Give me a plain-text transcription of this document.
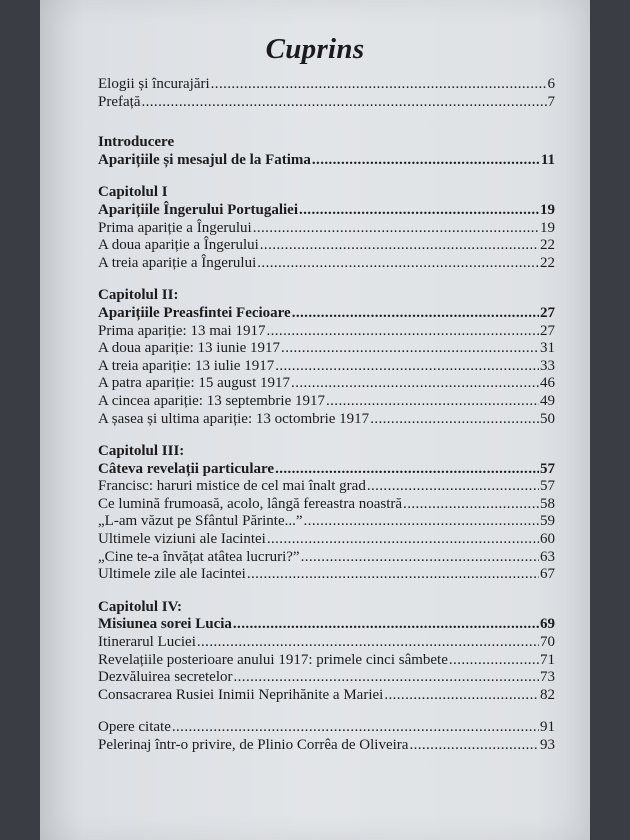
Cuprins
Elogii și încurajări .....	6
Prefață .....	7
Introducere
Aparițiile și mesajul de la Fatima .....	11
Capitolul I
Aparițiile Îngerului Portugaliei .....	19
Prima apariție a Îngerului .....	19
A doua apariție a Îngerului .....	22
A treia apariție a Îngerului .....	22
Capitolul II:
Aparițiile Preasfintei Fecioare .....	27
Prima apariție: 13 mai 1917 .....	27
A doua apariție: 13 iunie 1917 .....	31
A treia apariție: 13 iulie 1917 .....	33
A patra apariție: 15 august 1917 .....	46
A cincea apariție: 13 septembrie 1917 .....	49
A șasea și ultima apariție: 13 octombrie 1917 .....	50
Capitolul III:
Câteva revelații particulare .....	57
Francisc: haruri mistice de cel mai înalt grad .....	57
Ce lumină frumoasă, acolo, lângă fereastra noastră .....	58
„L-am văzut pe Sfântul Părinte...” .....	59
Ultimele viziuni ale Iacintei .....	60
„Cine te-a învățat atâtea lucruri?” .....	63
Ultimele zile ale Iacintei .....	67
Capitolul IV:
Misiunea sorei Lucia .....	69
Itinerarul Luciei .....	70
Revelațiile posterioare anului 1917: primele cinci sâmbete .....	71
Dezvăluirea secretelor .....	73
Consacrarea Rusiei Inimii Neprihănite a Mariei .....	82
Opere citate .....	91
Pelerinaj într-o privire, de Plinio Corrêa de Oliveira .....	93
